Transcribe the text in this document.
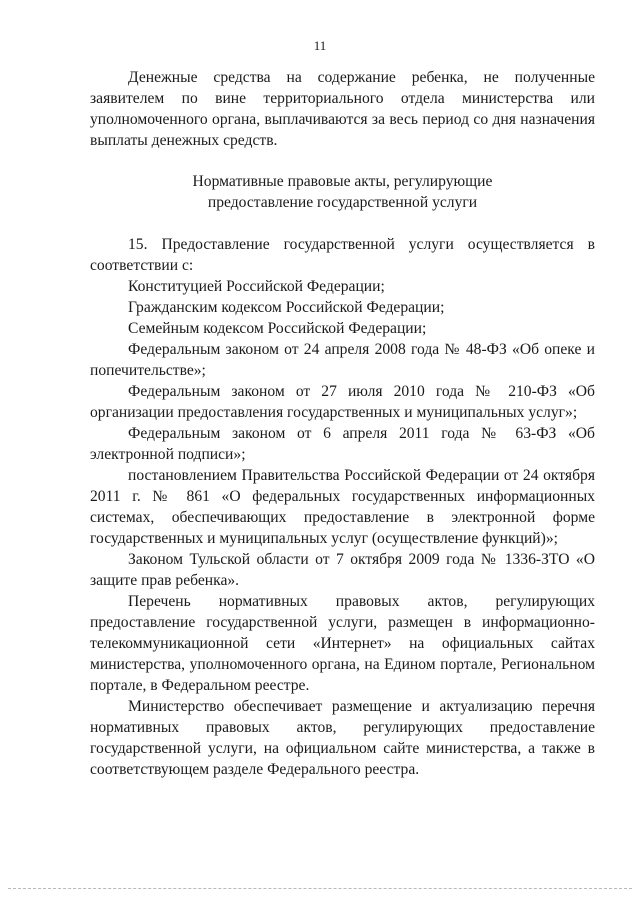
11

Денежные средства на содержание ребенка, не полученные заявителем по вине территориального отдела министерства или уполномоченного органа, выплачиваются за весь период со дня назначения выплаты денежных средств.

Нормативные правовые акты, регулирующие предоставление государственной услуги

15. Предоставление государственной услуги осуществляется в соответствии с:

Конституцией Российской Федерации;

Гражданским кодексом Российской Федерации;

Семейным кодексом Российской Федерации;

Федеральным законом от 24 апреля 2008 года № 48-ФЗ «Об опеке и попечительстве»;

Федеральным законом от 27 июля 2010 года № 210-ФЗ «Об организации предоставления государственных и муниципальных услуг»;

Федеральным законом от 6 апреля 2011 года № 63-ФЗ «Об электронной подписи»;

постановлением Правительства Российской Федерации от 24 октября 2011 г. № 861 «О федеральных государственных информационных системах, обеспечивающих предоставление в электронной форме государственных и муниципальных услуг (осуществление функций)»;

Законом Тульской области от 7 октября 2009 года № 1336-ЗТО «О защите прав ребенка».

Перечень нормативных правовых актов, регулирующих предоставление государственной услуги, размещен в информационно-телекоммуникационной сети «Интернет» на официальных сайтах министерства, уполномоченного органа, на Едином портале, Региональном портале, в Федеральном реестре.

Министерство обеспечивает размещение и актуализацию перечня нормативных правовых актов, регулирующих предоставление государственной услуги, на официальном сайте министерства, а также в соответствующем разделе Федерального реестра.
